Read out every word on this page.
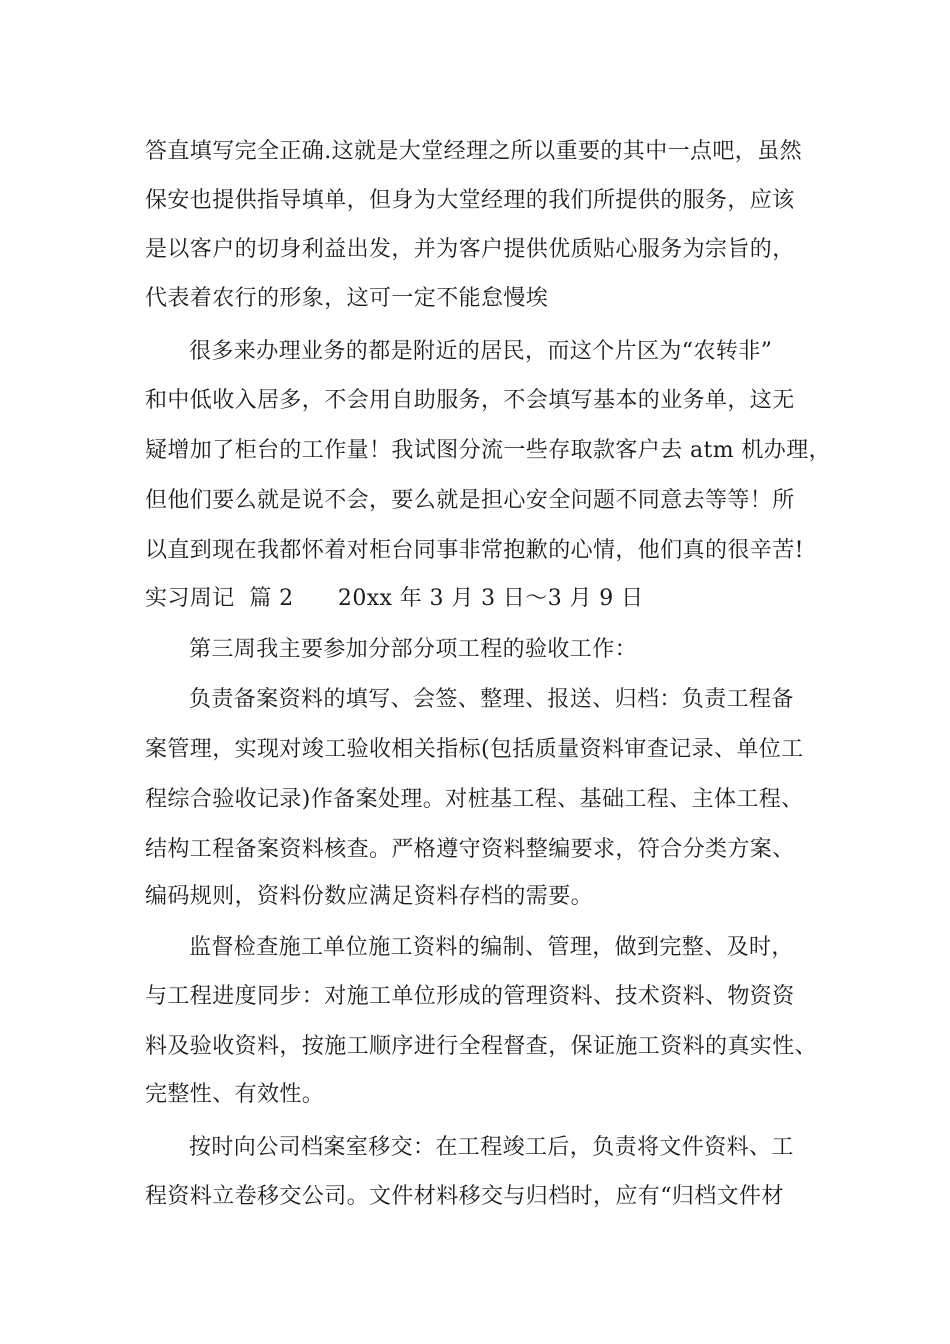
答直填写完全正确.这就是大堂经理之所以重要的其中一点吧，虽然
保安也提供指导填单，但身为大堂经理的我们所提供的服务，应该
是以客户的切身利益出发，并为客户提供优质贴心服务为宗旨的，
代表着农行的形象，这可一定不能怠慢埃
很多来办理业务的都是附近的居民，而这个片区为“农转非”
和中低收入居多，不会用自助服务，不会填写基本的业务单，这无
疑增加了柜台的工作量！我试图分流一些存取款客户去 atm 机办理，
但他们要么就是说不会，要么就是担心安全问题不同意去等等！所
以直到现在我都怀着对柜台同事非常抱歉的心情，他们真的很辛苦!
实习周记  篇 2      20xx 年 3 月 3 日～3 月 9 日
第三周我主要参加分部分项工程的验收工作：
负责备案资料的填写、会签、整理、报送、归档：负责工程备
案管理，实现对竣工验收相关指标(包括质量资料审查记录、单位工
程综合验收记录)作备案处理。对桩基工程、基础工程、主体工程、
结构工程备案资料核查。严格遵守资料整编要求，符合分类方案、
编码规则，资料份数应满足资料存档的需要。
监督检查施工单位施工资料的编制、管理，做到完整、及时，
与工程进度同步：对施工单位形成的管理资料、技术资料、物资资
料及验收资料，按施工顺序进行全程督查，保证施工资料的真实性、
完整性、有效性。
按时向公司档案室移交：在工程竣工后，负责将文件资料、工
程资料立卷移交公司。文件材料移交与归档时，应有“归档文件材
